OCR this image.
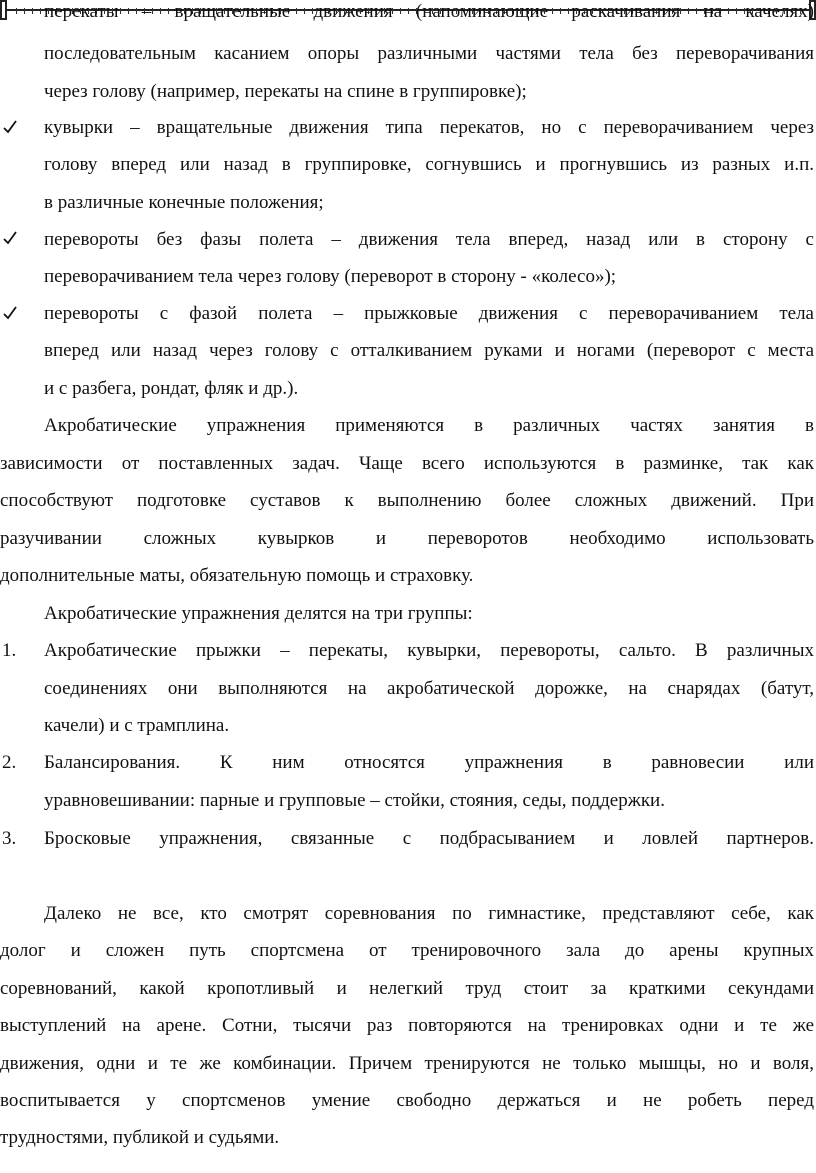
перекаты – вращательные движения (напоминающие раскачивания на качелях)
последовательным касанием опоры различными частями тела без переворачивания
через голову (например, перекаты на спине в группировке);
кувырки – вращательные движения типа перекатов, но с переворачиванием через
голову вперед или назад в группировке, согнувшись и прогнувшись из разных и.п.
в различные конечные положения;
перевороты без фазы полета – движения тела вперед, назад или в сторону с
переворачиванием тела через голову (переворот в сторону - «колесо»);
перевороты с фазой полета – прыжковые движения с переворачиванием тела
вперед или назад через голову с отталкиванием руками и ногами (переворот с места
и с разбега, рондат, фляк и др.).
Акробатические упражнения применяются в различных частях занятия в
зависимости от поставленных задач. Чаще всего используются в разминке, так как
способствуют подготовке суставов к выполнению более сложных движений. При
разучивании сложных кувырков и переворотов необходимо использовать
дополнительные маты, обязательную помощь и страховку.
Акробатические упражнения делятся на три группы:
1. Акробатические прыжки – перекаты, кувырки, перевороты, сальто. В различных
соединениях они выполняются на акробатической дорожке, на снарядах (батут,
качели) и с трамплина.
2. Балансирования. К ним относятся упражнения в равновесии или
уравновешивании: парные и групповые – стойки, стояния, седы, поддержки.
3. Бросковые упражнения, связанные с подбрасыванием и ловлей партнеров.
Далеко не все, кто смотрят соревнования по гимнастике, представляют себе, как
долог и сложен путь спортсмена от тренировочного зала до арены крупных
соревнований, какой кропотливый и нелегкий труд стоит за краткими секундами
выступлений на арене. Сотни, тысячи раз повторяются на тренировках одни и те же
движения, одни и те же комбинации. Причем тренируются не только мышцы, но и воля,
воспитывается у спортсменов умение свободно держаться и не робеть перед
трудностями, публикой и судьями.
